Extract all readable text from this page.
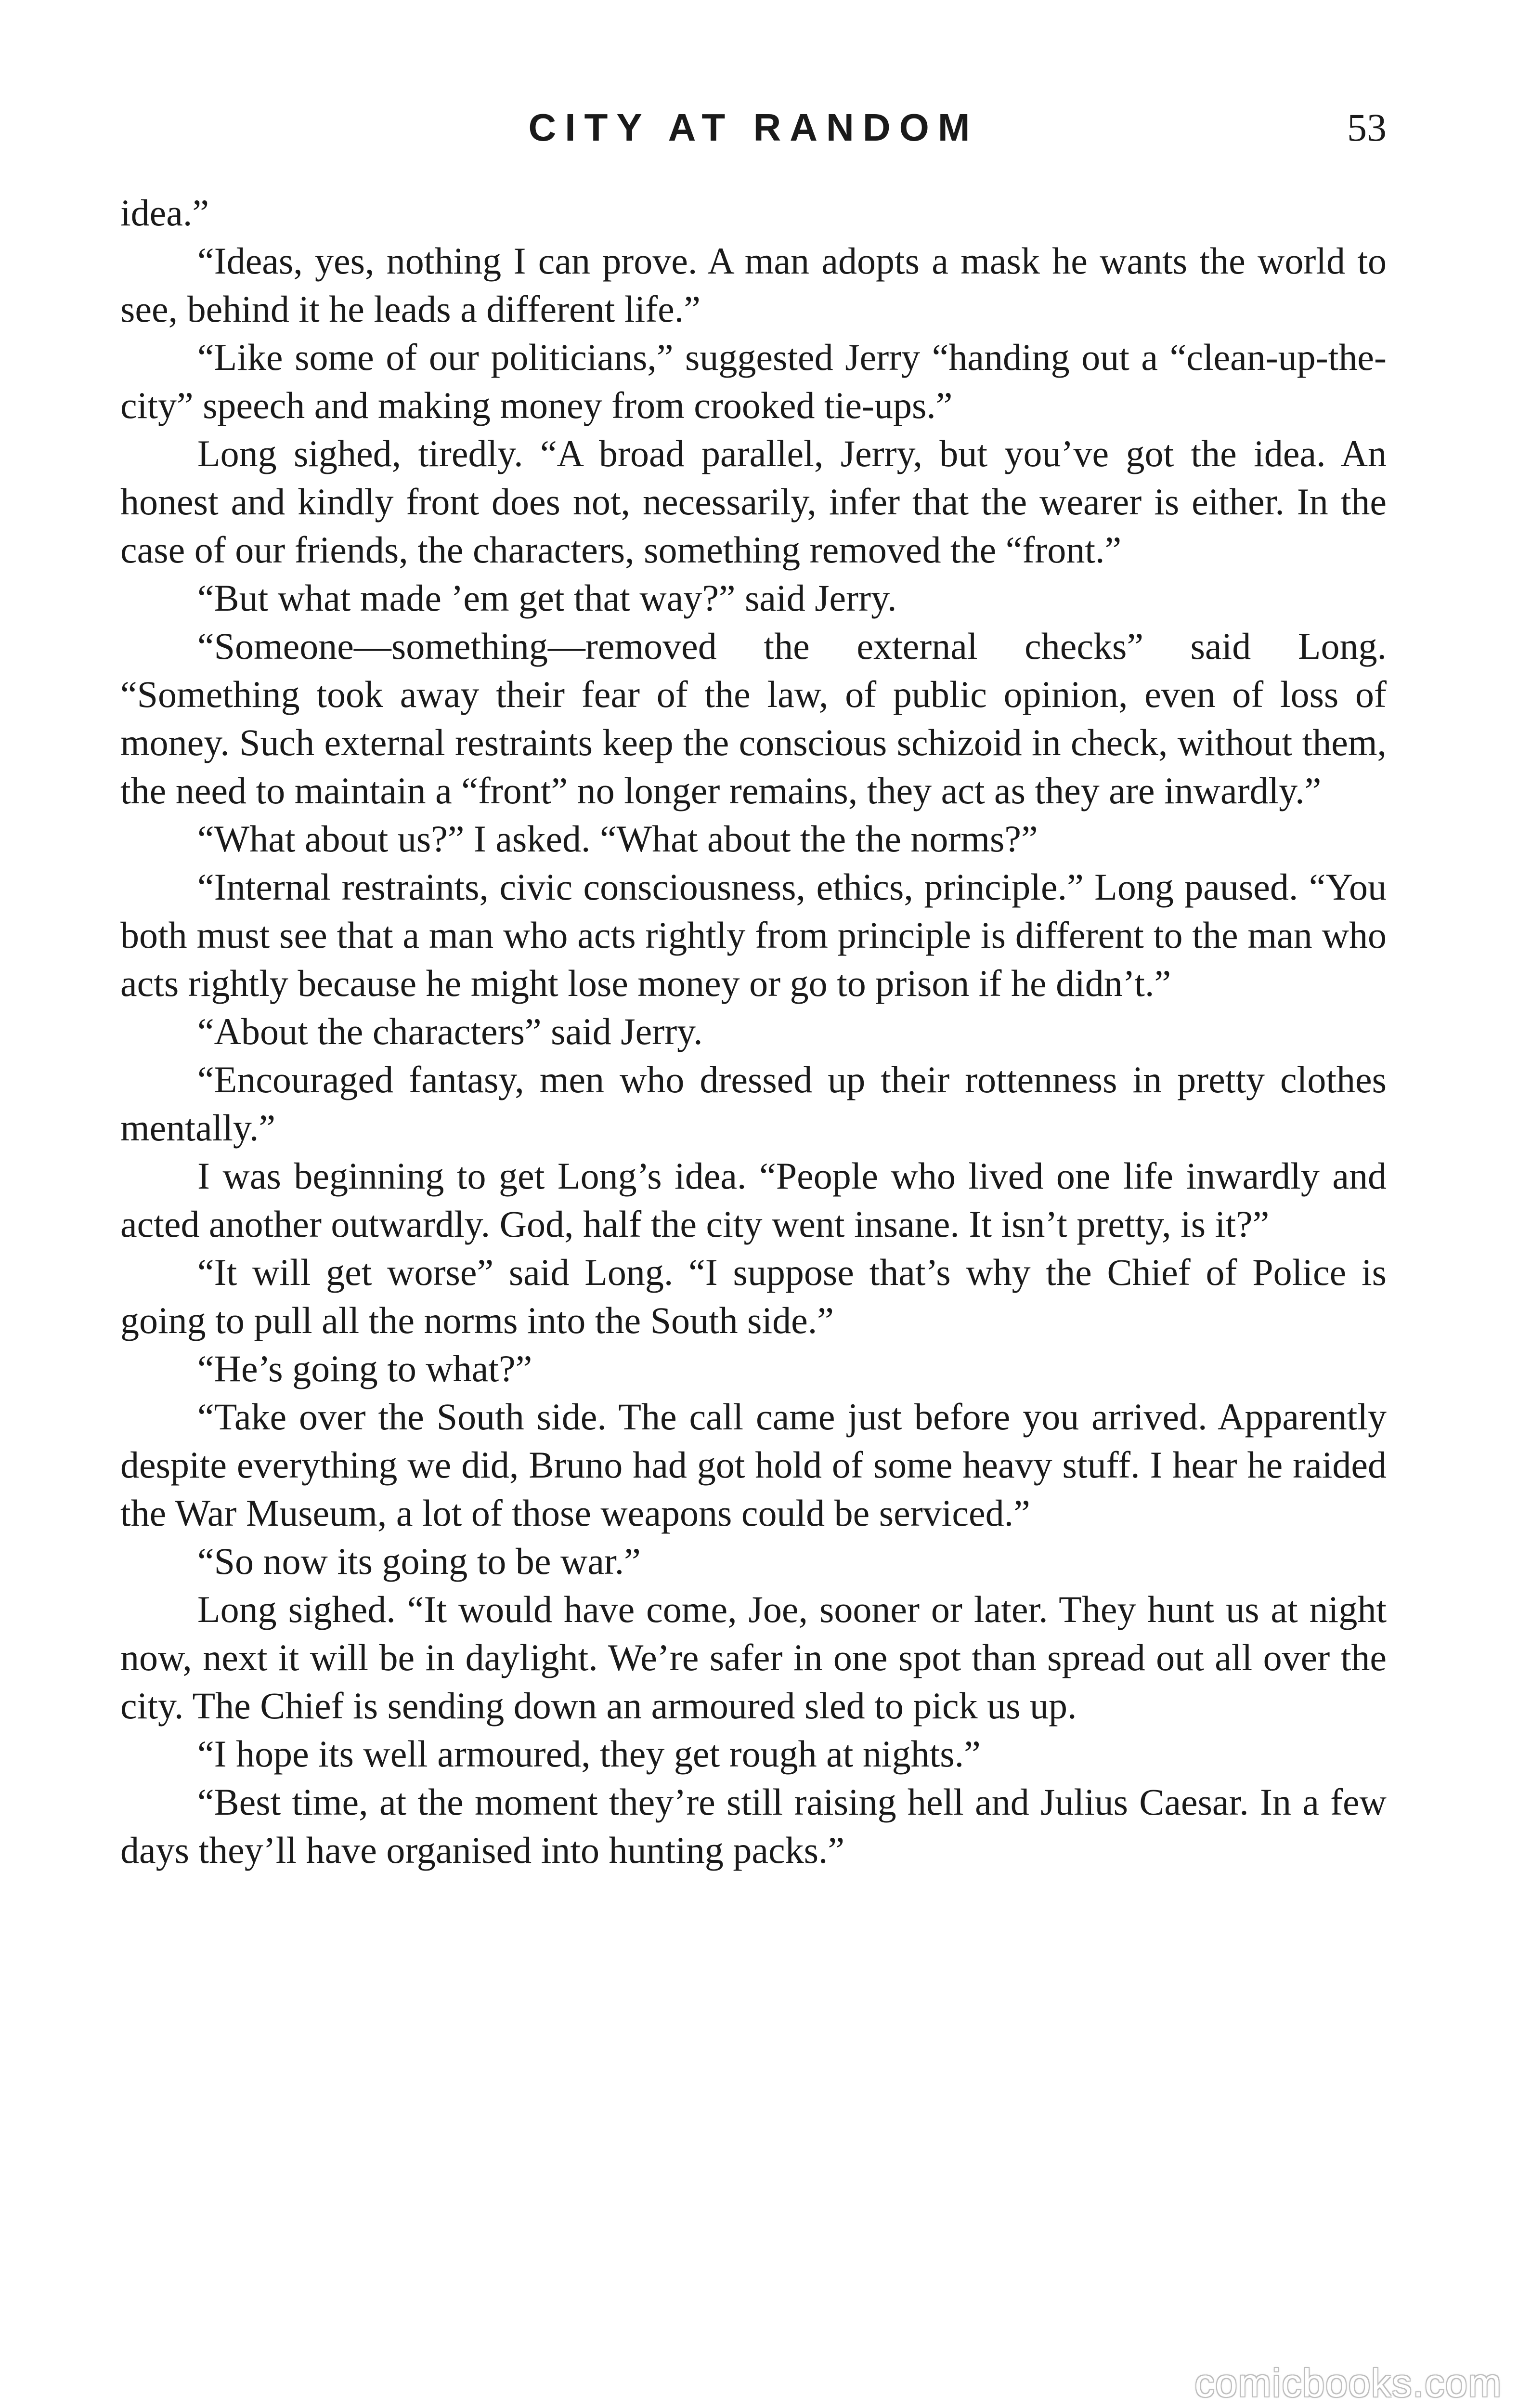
CITY AT RANDOM	53

idea.”

“Ideas, yes, nothing I can prove. A man adopts a mask he wants the world to see, behind it he leads a different life.”

“Like some of our politicians,” suggested Jerry “handing out a “clean-up-the-city” speech and making money from crooked tie-ups.”

Long sighed, tiredly. “A broad parallel, Jerry, but you’ve got the idea. An honest and kindly front does not, necessarily, infer that the wearer is either. In the case of our friends, the characters, something removed the “front.”

“But what made ’em get that way?” said Jerry.

“Someone—something—removed the external checks” said Long. “Something took away their fear of the law, of public opinion, even of loss of money. Such external restraints keep the conscious schizoid in check, without them, the need to maintain a “front” no longer remains, they act as they are inwardly.”

“What about us?” I asked. “What about the the norms?”

“Internal restraints, civic consciousness, ethics, principle.” Long paused. “You both must see that a man who acts rightly from principle is different to the man who acts rightly because he might lose money or go to prison if he didn’t.”

“About the characters” said Jerry.

“Encouraged fantasy, men who dressed up their rottenness in pretty clothes mentally.”

I was beginning to get Long’s idea. “People who lived one life inwardly and acted another outwardly. God, half the city went insane. It isn’t pretty, is it?”

“It will get worse” said Long. “I suppose that’s why the Chief of Police is going to pull all the norms into the South side.”

“He’s going to what?”

“Take over the South side. The call came just before you arrived. Apparently despite everything we did, Bruno had got hold of some heavy stuff. I hear he raided the War Museum, a lot of those weapons could be serviced.”

“So now its going to be war.”

Long sighed. “It would have come, Joe, sooner or later. They hunt us at night now, next it will be in daylight. We’re safer in one spot than spread out all over the city. The Chief is sending down an armoured sled to pick us up.

“I hope its well armoured, they get rough at nights.”

“Best time, at the moment they’re still raising hell and Julius Caesar. In a few days they’ll have organised into hunting packs.”

comicbooks.com
